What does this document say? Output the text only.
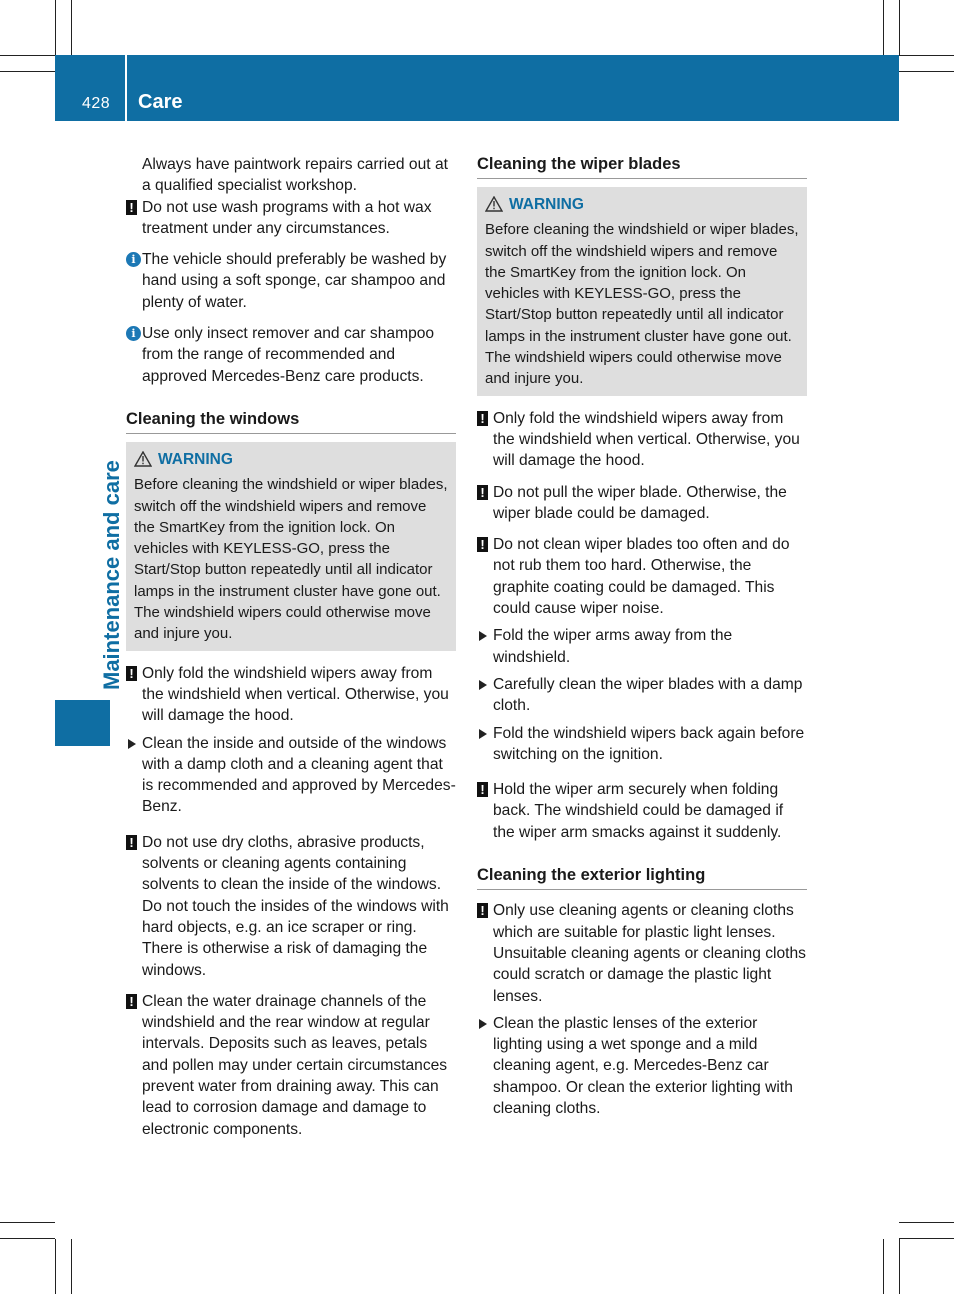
428 Care
Maintenance and care

Always have paintwork repairs carried out at a qualified specialist workshop.

! Do not use wash programs with a hot wax treatment under any circumstances.
i The vehicle should preferably be washed by hand using a soft sponge, car shampoo and plenty of water.
i Use only insect remover and car shampoo from the range of recommended and approved Mercedes-Benz care products.
Cleaning the windows
WARNING

Before cleaning the windshield or wiper blades, switch off the windshield wipers and remove the SmartKey from the ignition lock. On vehicles with KEYLESS-GO, press the Start/Stop button repeatedly until all indicator lamps in the instrument cluster have gone out. The windshield wipers could otherwise move and injure you.

! Only fold the windshield wipers away from the windshield when vertical. Otherwise, you will damage the hood.
Clean the inside and outside of the windows with a damp cloth and a cleaning agent that is recommended and approved by Mercedes-Benz.
! Do not use dry cloths, abrasive products, solvents or cleaning agents containing solvents to clean the inside of the windows. Do not touch the insides of the windows with hard objects, e.g. an ice scraper or ring. There is otherwise a risk of damaging the windows.
! Clean the water drainage channels of the windshield and the rear window at regular intervals. Deposits such as leaves, petals and pollen may under certain circumstances prevent water from draining away. This can lead to corrosion damage and damage to electronic components.
Cleaning the wiper blades
WARNING

Before cleaning the windshield or wiper blades, switch off the windshield wipers and remove the SmartKey from the ignition lock. On vehicles with KEYLESS-GO, press the Start/Stop button repeatedly until all indicator lamps in the instrument cluster have gone out. The windshield wipers could otherwise move and injure you.

! Only fold the windshield wipers away from the windshield when vertical. Otherwise, you will damage the hood.
! Do not pull the wiper blade. Otherwise, the wiper blade could be damaged.
! Do not clean wiper blades too often and do not rub them too hard. Otherwise, the graphite coating could be damaged. This could cause wiper noise.
Fold the wiper arms away from the windshield.
Carefully clean the wiper blades with a damp cloth.
Fold the windshield wipers back again before switching on the ignition.
! Hold the wiper arm securely when folding back. The windshield could be damaged if the wiper arm smacks against it suddenly.
Cleaning the exterior lighting
! Only use cleaning agents or cleaning cloths which are suitable for plastic light lenses. Unsuitable cleaning agents or cleaning cloths could scratch or damage the plastic light lenses.
Clean the plastic lenses of the exterior lighting using a wet sponge and a mild cleaning agent, e.g. Mercedes-Benz car shampoo. Or clean the exterior lighting with cleaning cloths.
